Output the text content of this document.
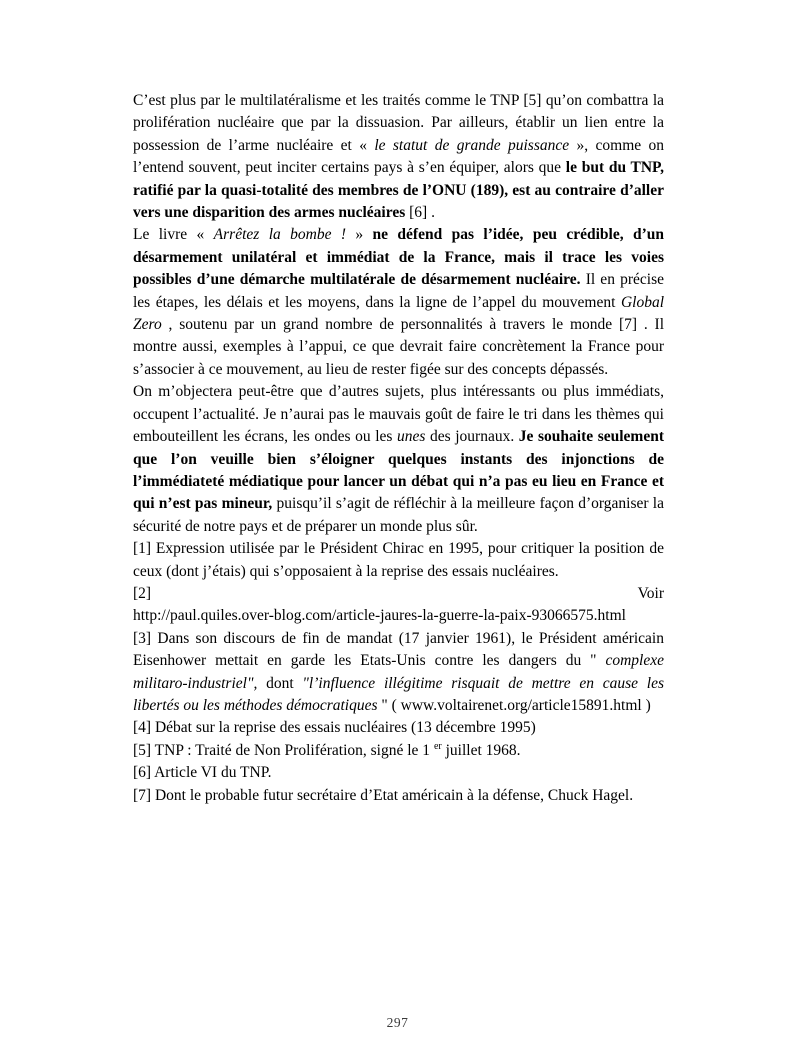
C’est plus par le multilatéralisme et les traités comme le TNP [5] qu’on combattra la prolifération nucléaire que par la dissuasion. Par ailleurs, établir un lien entre la possession de l’arme nucléaire et « le statut de grande puissance », comme on l’entend souvent, peut inciter certains pays à s’en équiper, alors que le but du TNP, ratifié par la quasi-totalité des membres de l’ONU (189), est au contraire d’aller vers une disparition des armes nucléaires [6] .
Le livre « Arrêtez la bombe ! » ne défend pas l’idée, peu crédible, d’un désarmement unilatéral et immédiat de la France, mais il trace les voies possibles d’une démarche multilatérale de désarmement nucléaire. Il en précise les étapes, les délais et les moyens, dans la ligne de l’appel du mouvement Global Zero , soutenu par un grand nombre de personnalités à travers le monde [7] . Il montre aussi, exemples à l’appui, ce que devrait faire concrètement la France pour s’associer à ce mouvement, au lieu de rester figée sur des concepts dépassés.
On m’objectera peut-être que d’autres sujets, plus intéressants ou plus immédiats, occupent l’actualité. Je n’aurai pas le mauvais goût de faire le tri dans les thèmes qui embouteillent les écrans, les ondes ou les unes des journaux. Je souhaite seulement que l’on veuille bien s’éloigner quelques instants des injonctions de l’immédiateté médiatique pour lancer un débat qui n’a pas eu lieu en France et qui n’est pas mineur, puisqu’il s’agit de réfléchir à la meilleure façon d’organiser la sécurité de notre pays et de préparer un monde plus sûr.
[1] Expression utilisée par le Président Chirac en 1995, pour critiquer la position de ceux (dont j’étais) qui s’opposaient à la reprise des essais nucléaires.
[2] Voir http://paul.quiles.over-blog.com/article-jaures-la-guerre-la-paix-93066575.html
[3] Dans son discours de fin de mandat (17 janvier 1961), le Président américain Eisenhower mettait en garde les Etats-Unis contre les dangers du " complexe militaro-industriel", dont "l’influence illégitime risquait de mettre en cause les libertés ou les méthodes démocratiques " ( www.voltairenet.org/article15891.html )
[4] Débat sur la reprise des essais nucléaires (13 décembre 1995)
[5] TNP : Traité de Non Prolifération, signé le 1 $^{er}$ juillet 1968.
[6] Article VI du TNP.
[7] Dont le probable futur secrétaire d’Etat américain à la défense, Chuck Hagel.
297
